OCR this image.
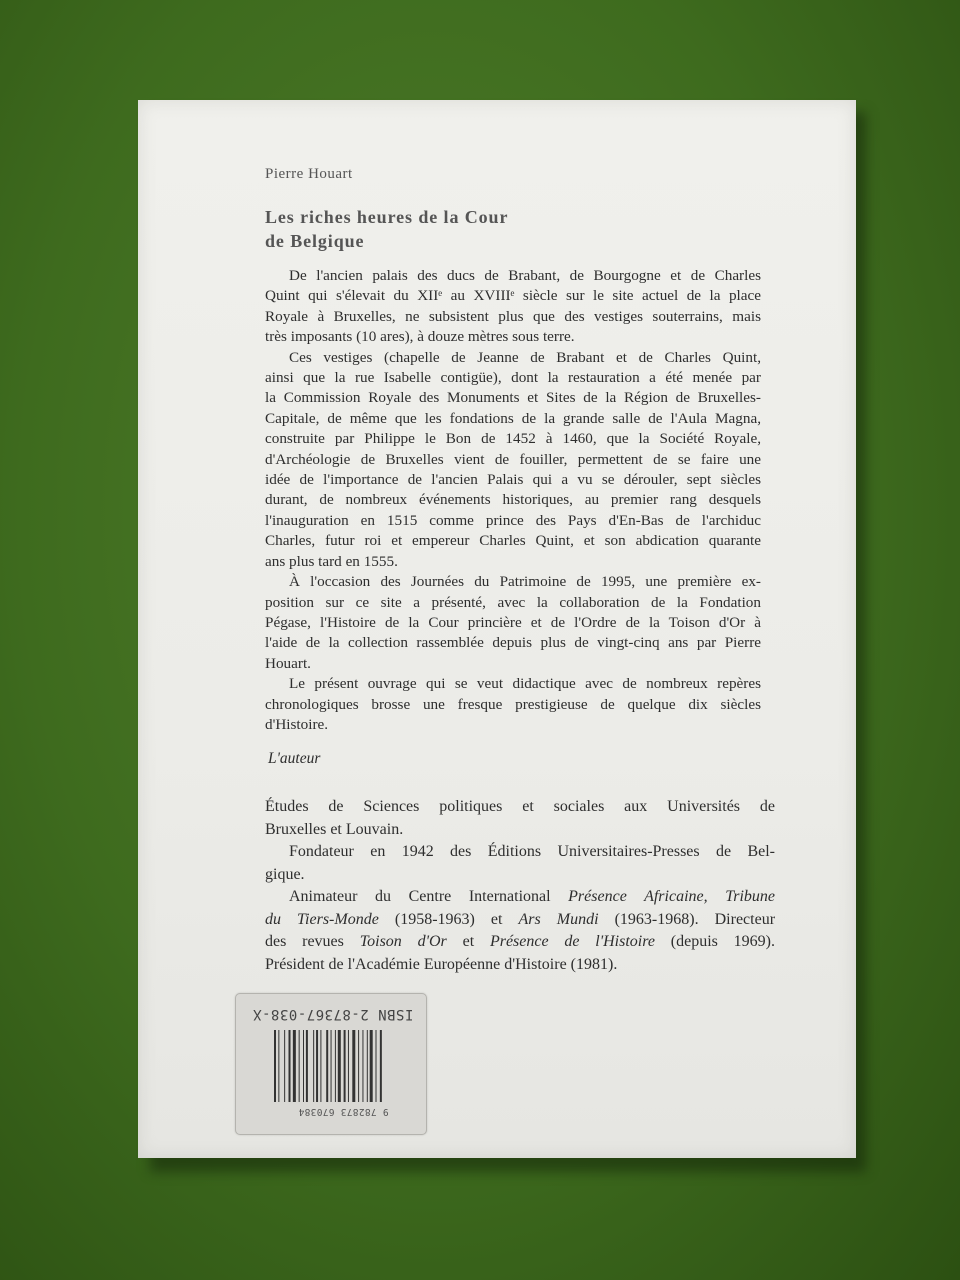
Pierre Houart
Les riches heures de la Cour
de Belgique
De l'ancien palais des ducs de Brabant, de Bourgogne et de Charles
Quint qui s'élevait du XIIᵉ au XVIIIᵉ siècle sur le site actuel de la place
Royale à Bruxelles, ne subsistent plus que des vestiges souterrains, mais
très imposants (10 ares), à douze mètres sous terre.
Ces vestiges (chapelle de Jeanne de Brabant et de Charles Quint,
ainsi que la rue Isabelle contigüe), dont la restauration a été menée par
la Commission Royale des Monuments et Sites de la Région de Bruxelles-
Capitale, de même que les fondations de la grande salle de l'Aula Magna,
construite par Philippe le Bon de 1452 à 1460, que la Société Royale,
d'Archéologie de Bruxelles vient de fouiller, permettent de se faire une
idée de l'importance de l'ancien Palais qui a vu se dérouler, sept siècles
durant, de nombreux événements historiques, au premier rang desquels
l'inauguration en 1515 comme prince des Pays d'En-Bas de l'archiduc
Charles, futur roi et empereur Charles Quint, et son abdication quarante
ans plus tard en 1555.
À l'occasion des Journées du Patrimoine de 1995, une première ex-
position sur ce site a présenté, avec la collaboration de la Fondation
Pégase, l'Histoire de la Cour princière et de l'Ordre de la Toison d'Or à
l'aide de la collection rassemblée depuis plus de vingt-cinq ans par Pierre
Houart.
Le présent ouvrage qui se veut didactique avec de nombreux repères
chronologiques brosse une fresque prestigieuse de quelque dix siècles
d'Histoire.
L'auteur
Études de Sciences politiques et sociales aux Universités de
Bruxelles et Louvain.
Fondateur en 1942 des Éditions Universitaires-Presses de Bel-
gique.
Animateur du Centre International Présence Africaine, Tribune
du Tiers-Monde (1958-1963) et Ars Mundi (1963-1968). Directeur
des revues Toison d'Or et Présence de l'Histoire (depuis 1969).
Président de l'Académie Européenne d'Histoire (1981).
ISBN 2-87367-038-X
9 782873 670384
